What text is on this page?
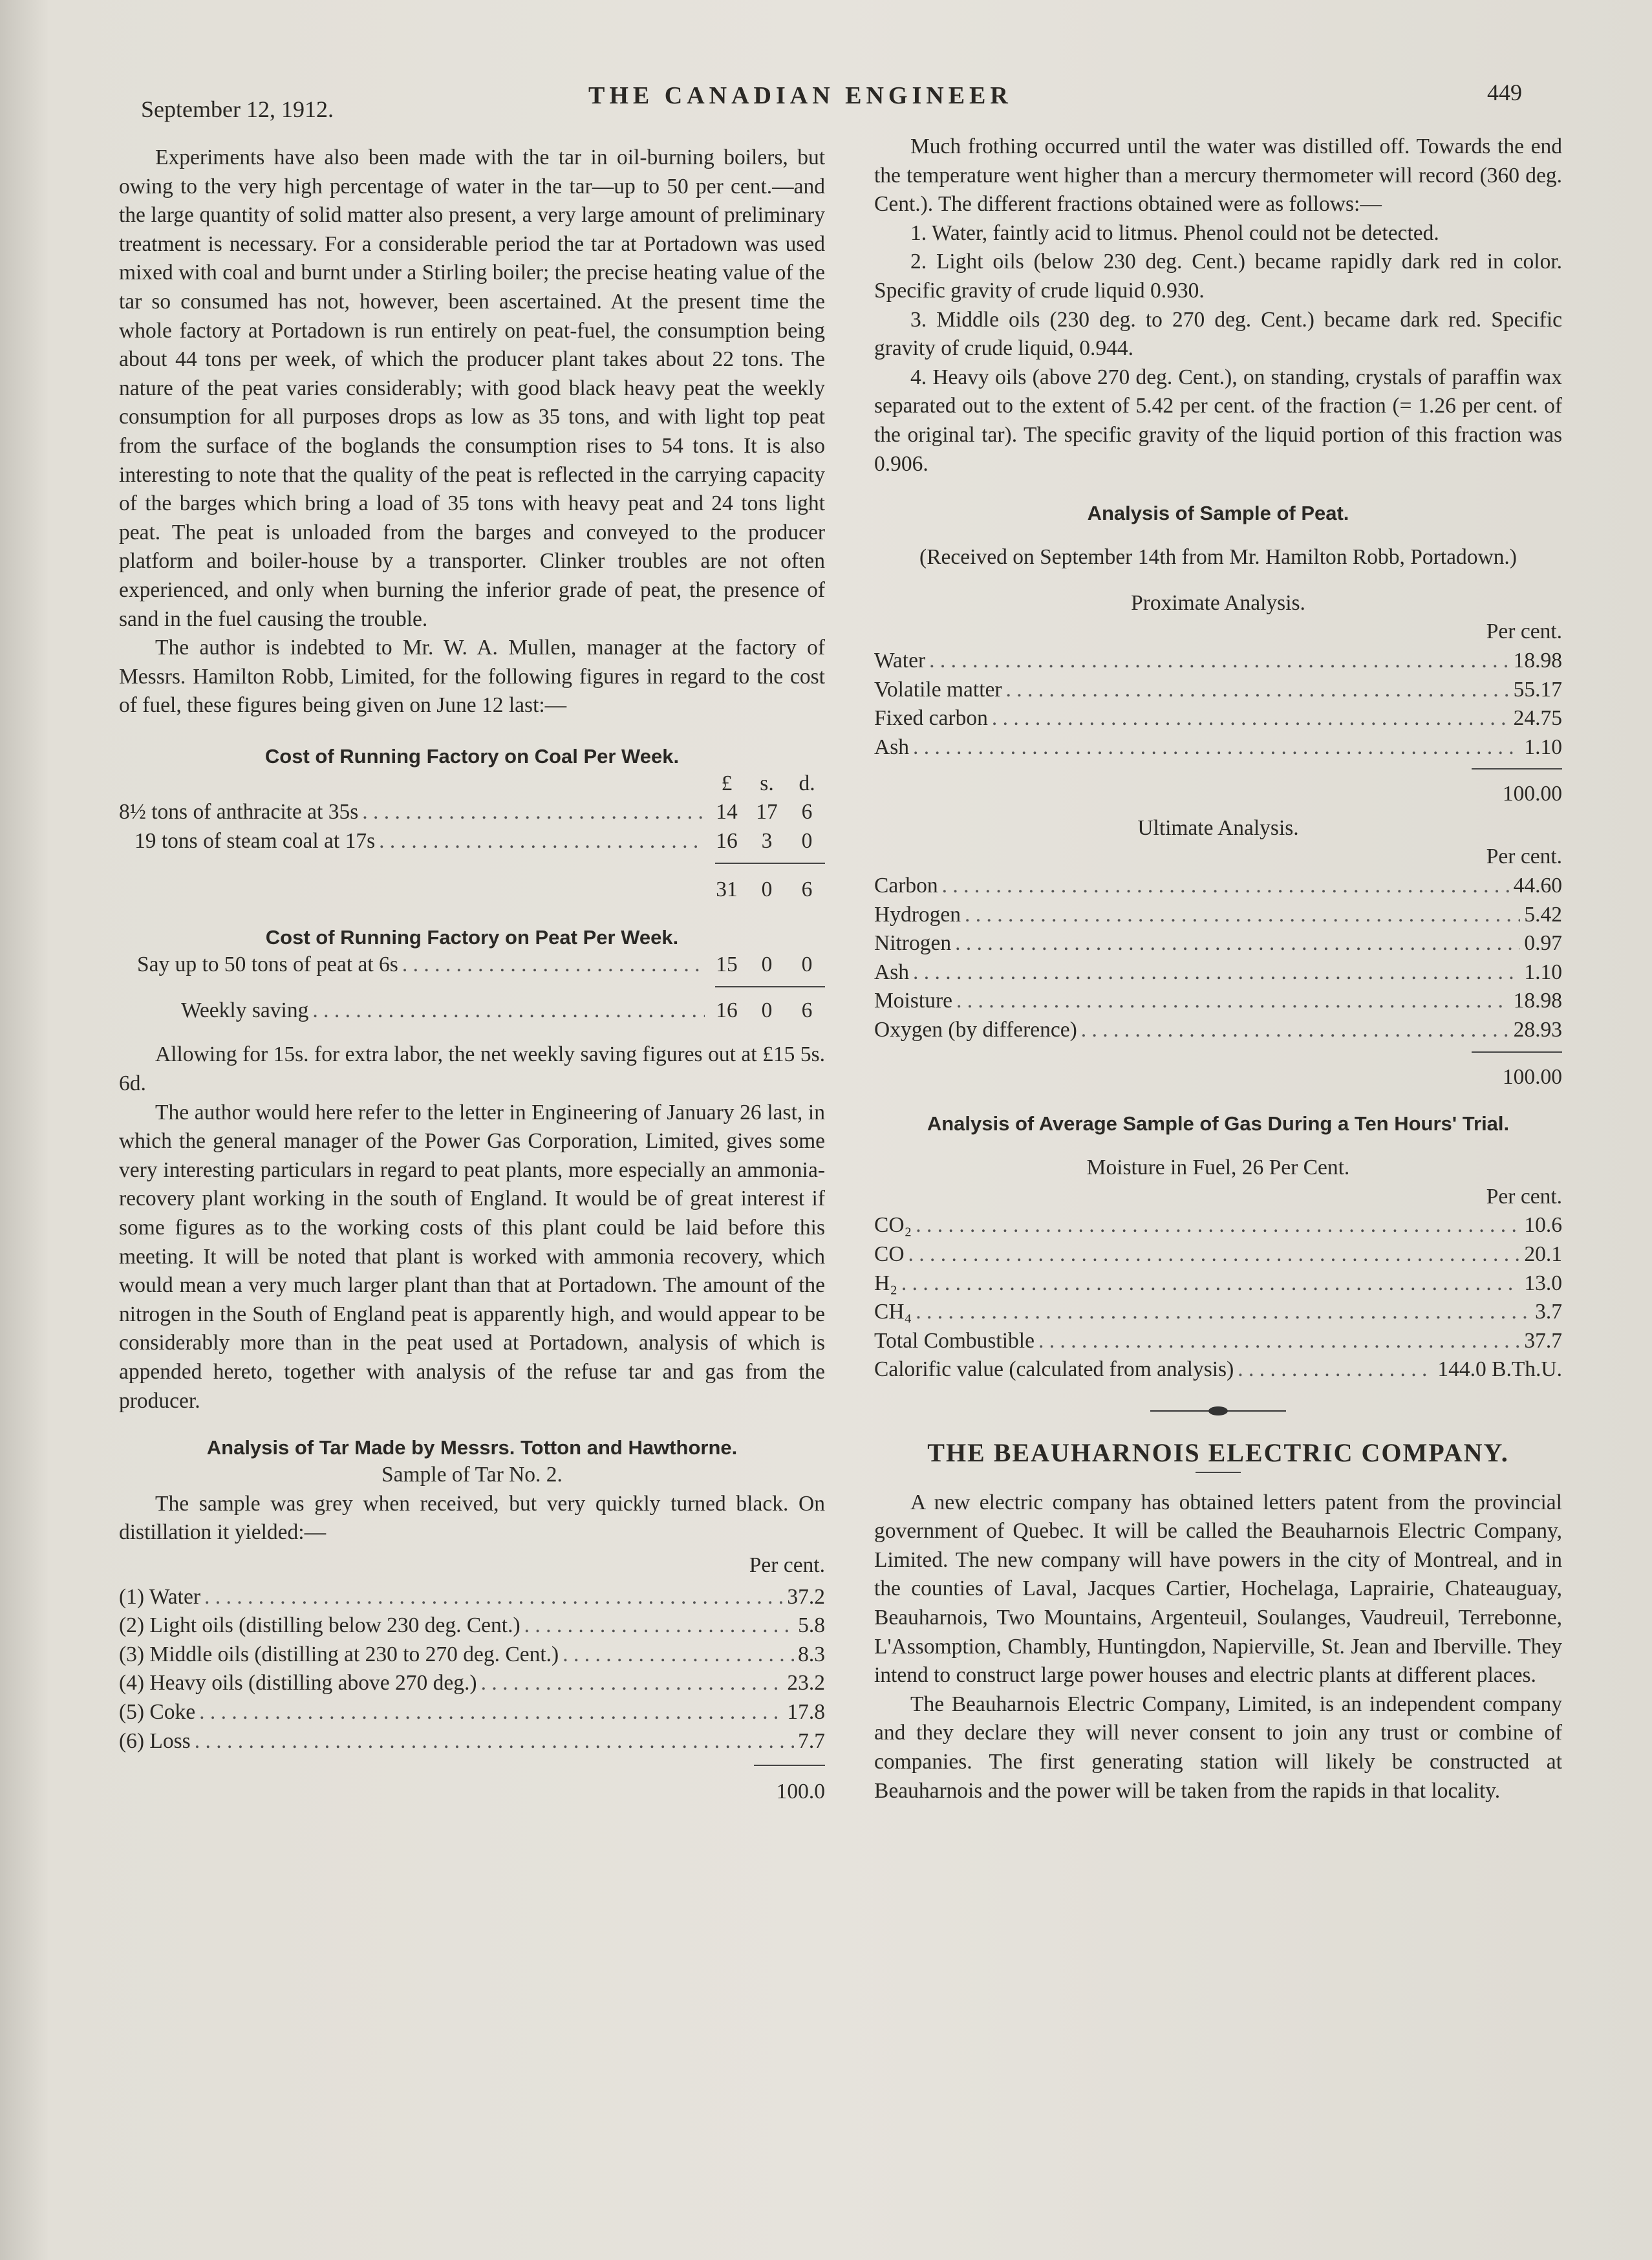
September 12, 1912.	THE CANADIAN ENGINEER	449

Experiments have also been made with the tar in oil-burning boilers, but owing to the very high percentage of water in the tar—up to 50 per cent.—and the large quantity of solid matter also present, a very large amount of preliminary treatment is necessary. For a considerable period the tar at Portadown was used mixed with coal and burnt under a Stirling boiler; the precise heating value of the tar so consumed has not, however, been ascertained. At the present time the whole factory at Portadown is run entirely on peat-fuel, the consumption being about 44 tons per week, of which the producer plant takes about 22 tons. The nature of the peat varies considerably; with good black heavy peat the weekly consumption for all purposes drops as low as 35 tons, and with light top peat from the surface of the boglands the consumption rises to 54 tons. It is also interesting to note that the quality of the peat is reflected in the carrying capacity of the barges which bring a load of 35 tons with heavy peat and 24 tons light peat. The peat is unloaded from the barges and conveyed to the producer platform and boiler-house by a transporter. Clinker troubles are not often experienced, and only when burning the inferior grade of peat, the presence of sand in the fuel causing the trouble.

The author is indebted to Mr. W. A. Mullen, manager at the factory of Messrs. Hamilton Robb, Limited, for the following figures in regard to the cost of fuel, these figures being given on June 12 last:—

Cost of Running Factory on Coal Per Week.
£	s.	d.
8½ tons of anthracite at 35s . . .	14 17	6
19 tons of steam coal at 17s . . .	16	3	0
31	0	6
Cost of Running Factory on Peat Per Week.
Say up to 50 tons of peat at 6s . . .	15	0	0
Weekly saving . . .	16	0	6

Allowing for 15s. for extra labor, the net weekly saving figures out at £15 5s. 6d.

The author would here refer to the letter in Engineering of January 26 last, in which the general manager of the Power Gas Corporation, Limited, gives some very interesting particulars in regard to peat plants, more especially an ammonia-recovery plant working in the south of England. It would be of great interest if some figures as to the working costs of this plant could be laid before this meeting. It will be noted that plant is worked with ammonia recovery, which would mean a very much larger plant than that at Portadown. The amount of the nitrogen in the South of England peat is apparently high, and would appear to be considerably more than in the peat used at Portadown, analysis of which is appended hereto, together with analysis of the refuse tar and gas from the producer.

Analysis of Tar Made by Messrs. Totton and Hawthorne.
Sample of Tar No. 2.

The sample was grey when received, but very quickly turned black. On distillation it yielded:—

Per cent.
(1) Water . . .	37.2
(2) Light oils (distilling below 230 deg. Cent.) . . .	5.8
(3) Middle oils (distilling at 230 to 270 deg. Cent.) . . .	8.3
(4) Heavy oils (distilling above 270 deg.) . . .	23.2
(5) Coke . . .	17.8
(6) Loss . . .	7.7
100.0

Much frothing occurred until the water was distilled off. Towards the end the temperature went higher than a mercury thermometer will record (360 deg. Cent.). The different fractions obtained were as follows:—

1. Water, faintly acid to litmus. Phenol could not be detected.

2. Light oils (below 230 deg. Cent.) became rapidly dark red in color. Specific gravity of crude liquid 0.930.

3. Middle oils (230 deg. to 270 deg. Cent.) became dark red. Specific gravity of crude liquid, 0.944.

4. Heavy oils (above 270 deg. Cent.), on standing, crystals of paraffin wax separated out to the extent of 5.42 per cent. of the fraction (= 1.26 per cent. of the original tar). The specific gravity of the liquid portion of this fraction was 0.906.

Analysis of Sample of Peat.
(Received on September 14th from Mr. Hamilton Robb, Portadown.)
Proximate Analysis.
Per cent.
Water . . .	18.98
Volatile matter . . .	55.17
Fixed carbon . . .	24.75
Ash . . .	1.10
100.00
Ultimate Analysis.
Per cent.
Carbon . . .	44.60
Hydrogen . . .	5.42
Nitrogen . . .	0.97
Ash . . .	1.10
Moisture . . .	18.98
Oxygen (by difference) . . .	28.93
100.00
Analysis of Average Sample of Gas During a Ten Hours' Trial.
Moisture in Fuel, 26 Per Cent.
Per cent.
CO₂ . . .	10.6
CO . . .	20.1
H₂ . . .	13.0
CH₄ . . .	3.7
Total Combustible . . .	37.7
Calorific value (calculated from analysis) . . .	144.0 B.Th.U.
THE BEAUHARNOIS ELECTRIC COMPANY.

A new electric company has obtained letters patent from the provincial government of Quebec. It will be called the Beauharnois Electric Company, Limited. The new company will have powers in the city of Montreal, and in the counties of Laval, Jacques Cartier, Hochelaga, Laprairie, Chateauguay, Beauharnois, Two Mountains, Argenteuil, Soulanges, Vaudreuil, Terrebonne, L'Assomption, Chambly, Huntingdon, Napierville, St. Jean and Iberville. They intend to construct large power houses and electric plants at different places.

The Beauharnois Electric Company, Limited, is an independent company and they declare they will never consent to join any trust or combine of companies. The first generating station will likely be constructed at Beauharnois and the power will be taken from the rapids in that locality.
